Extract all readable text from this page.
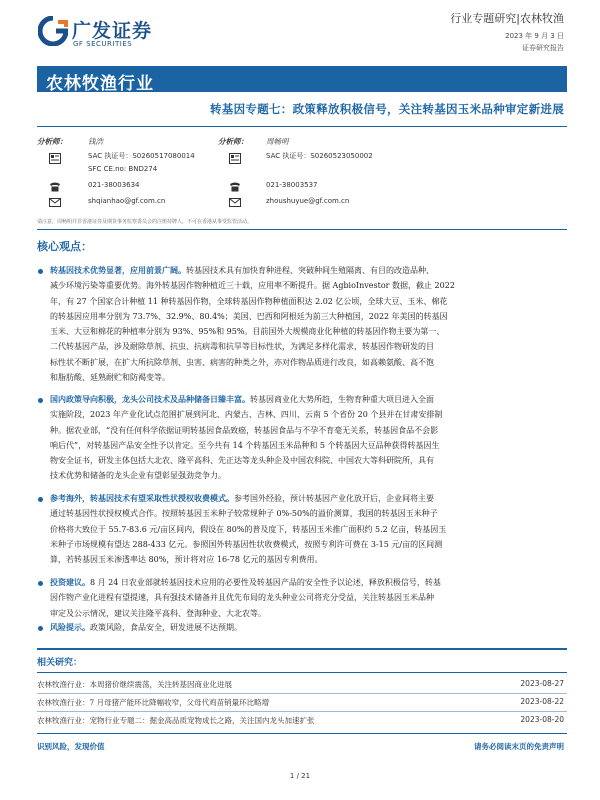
广发证券
GF SECURITIES
行业专题研究|农林牧渔
2023 年 9 月 3 日
证券研究报告
农林牧渔行业
转基因专题七：政策释放积极信号，关注转基因玉米品种审定新进展
分析师：	钱浩
SAC 执证号：S0260517080014
SFC CE.no: BND274
021-38003634
shqianhao@gf.com.cn
分析师： 周畅明
SAC 执证号：S0260523050002
021-38003537
zhoushuyue@gf.com.cn
请注意，周畅明并非香港证券及期货事务监察委员会的注册持牌人，不可在香港从事受监管活动。
核心观点：
转基因技术优势显著，应用前景广阔。转基因技术具有加快育种进程、突破种间生殖隔离、有目的改造品种、
减少环境污染等重要优势。海外转基因作物种植近三十载，应用率不断提升。据 AgbioInvestor 数据，截止 2022
年，有 27 个国家合计种植 11 种转基因作物，全球转基因作物种植面积达 2.02 亿公顷，全球大豆、玉米、棉花
的转基因应用率分别为 73.7%、32.9%、80.4%；美国、巴西和阿根廷为前三大种植国，2022 年美国的转基因
玉米、大豆和棉花的种植率分别为 93%、95%和 95%。目前国外大规模商业化种植的转基因作物主要为第一、
二代转基因产品，涉及耐除草剂、抗虫、抗病毒和抗旱等目标性状，为满足多样化需求，转基因作物研发的目
标性状不断扩展，在扩大所抗除草剂、虫害、病害的种类之外，亦对作物品质进行改良，如高赖氨酸、高不饱
和脂肪酸、延熟耐贮和防褐变等。
国内政策导向积极，龙头公司技术及品种储备日臻丰富。转基因商业化大势所趋，生物育种重大项目进入全面
实施阶段，2023 年产业化试点范围扩展到河北、内蒙古、吉林、四川、云南 5 个省份 20 个县并在甘肃安排制
种。据农业部，“没有任何科学依据证明转基因食品致癌，转基因食品与不孕不育毫无关系，转基因食品不会影
响后代”，对转基因产品安全性予以肯定。至今共有 14 个转基因玉米品种和 5 个转基因大豆品种获得转基因生
物安全证书，研发主体包括大北农、隆平高科、先正达等龙头种企及中国农科院、中国农大等科研院所，具有
技术优势和储备的龙头企业有望彰显强劲竞争力。
参考海外，转基因技术有望采取性状授权收费模式。参考国外经验，预计转基因产业化放开后，企业间将主要
通过转基因性状授权模式合作。按照转基因玉米种子较常规种子 0%-50%的溢价测算，我国的转基因玉米种子
价格将大致位于 55.7-83.6 元/亩区间内，假设在 80%的普及度下，转基因玉米推广面积约 5.2 亿亩，转基因玉
米种子市场规模有望达 288-433 亿元。参照国外转基因性状收费模式，按照专利许可费在 3-15 元/亩的区间测
算，若转基因玉米渗透率达 80%，预计将对应 16-78 亿元的基因专利费用。
投资建议。8 月 24 日农业部就转基因技术应用的必要性及转基因产品的安全性予以论述，释放积极信号，转基
因作物产业化进程有望提速，具有强技术储备并且优先布局的龙头种业公司将充分受益，关注转基因玉米品种
审定及公示情况，建议关注隆平高科、登海种业、大北农等。
风险提示。政策风险，食品安全，研发进展不达预期。
相关研究：
农林牧渔行业：本周猪价继续震荡，关注转基因商业化进展	2023-08-27
农林牧渔行业：7 月母猪产能环比降幅收窄，父母代鸡苗销量环比略增	2023-08-22
农林牧渔行业：宠物行业专题二：掘金高品质宠物成长之路，关注国内龙头加速扩张	2023-08-20
识别风险，发现价值	请务必阅读末页的免责声明
1 / 21
